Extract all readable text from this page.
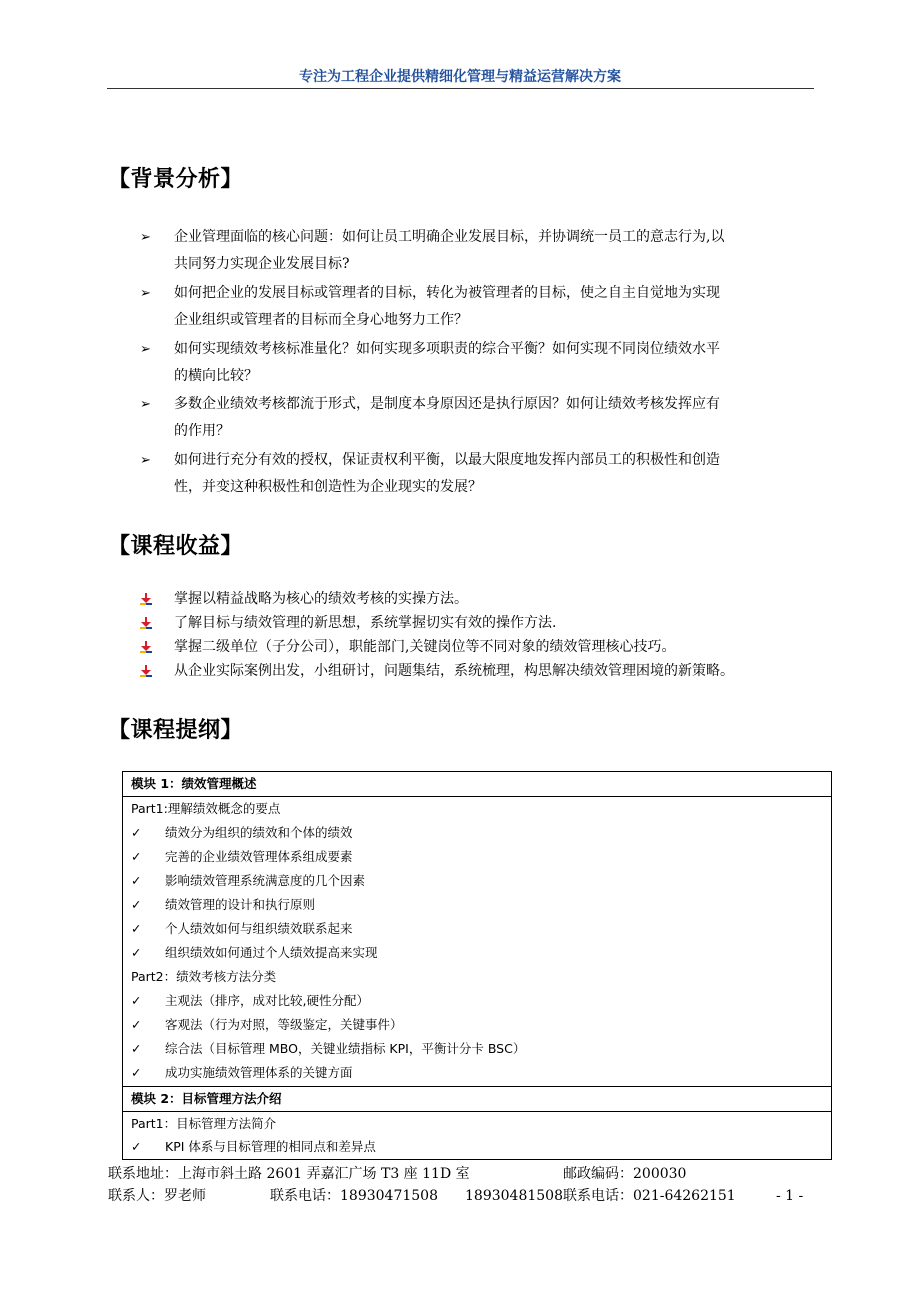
专注为工程企业提供精细化管理与精益运营解决方案
【背景分析】
➢ 企业管理面临的核心问题：如何让员工明确企业发展目标，并协调统一员工的意志行为,以
共同努力实现企业发展目标?
➢ 如何把企业的发展目标或管理者的目标，转化为被管理者的目标，使之自主自觉地为实现
企业组织或管理者的目标而全身心地努力工作？
➢ 如何实现绩效考核标准量化？如何实现多项职责的综合平衡？如何实现不同岗位绩效水平
的横向比较？
➢ 多数企业绩效考核都流于形式，是制度本身原因还是执行原因？如何让绩效考核发挥应有
的作用？
➢ 如何进行充分有效的授权，保证责权利平衡，以最大限度地发挥内部员工的积极性和创造
性，并变这种积极性和创造性为企业现实的发展？
【课程收益】
掌握以精益战略为核心的绩效考核的实操方法。
了解目标与绩效管理的新思想，系统掌握切实有效的操作方法.
掌握二级单位（子分公司），职能部门,关键岗位等不同对象的绩效管理核心技巧。
从企业实际案例出发，小组研讨，问题集结，系统梳理，构思解决绩效管理困境的新策略。
【课程提纲】
模块 1：绩效管理概述
Part1:理解绩效概念的要点
✓ 绩效分为组织的绩效和个体的绩效
✓ 完善的企业绩效管理体系组成要素
✓ 影响绩效管理系统满意度的几个因素
✓ 绩效管理的设计和执行原则
✓ 个人绩效如何与组织绩效联系起来
✓ 组织绩效如何通过个人绩效提高来实现
Part2：绩效考核方法分类
✓ 主观法（排序，成对比较,硬性分配）
✓ 客观法（行为对照，等级鉴定，关键事件）
✓ 综合法（目标管理 MBO，关键业绩指标 KPI，平衡计分卡 BSC）
✓ 成功实施绩效管理体系的关键方面
模块 2：目标管理方法介绍
Part1：目标管理方法简介
✓ KPI 体系与目标管理的相同点和差异点
联系地址：上海市斜土路 2601 弄嘉汇广场 T3 座 11D 室	邮政编码：200030
联系人：罗老师	联系电话：18930471508 18930481508 联系电话：021-64262151	- 1 -
